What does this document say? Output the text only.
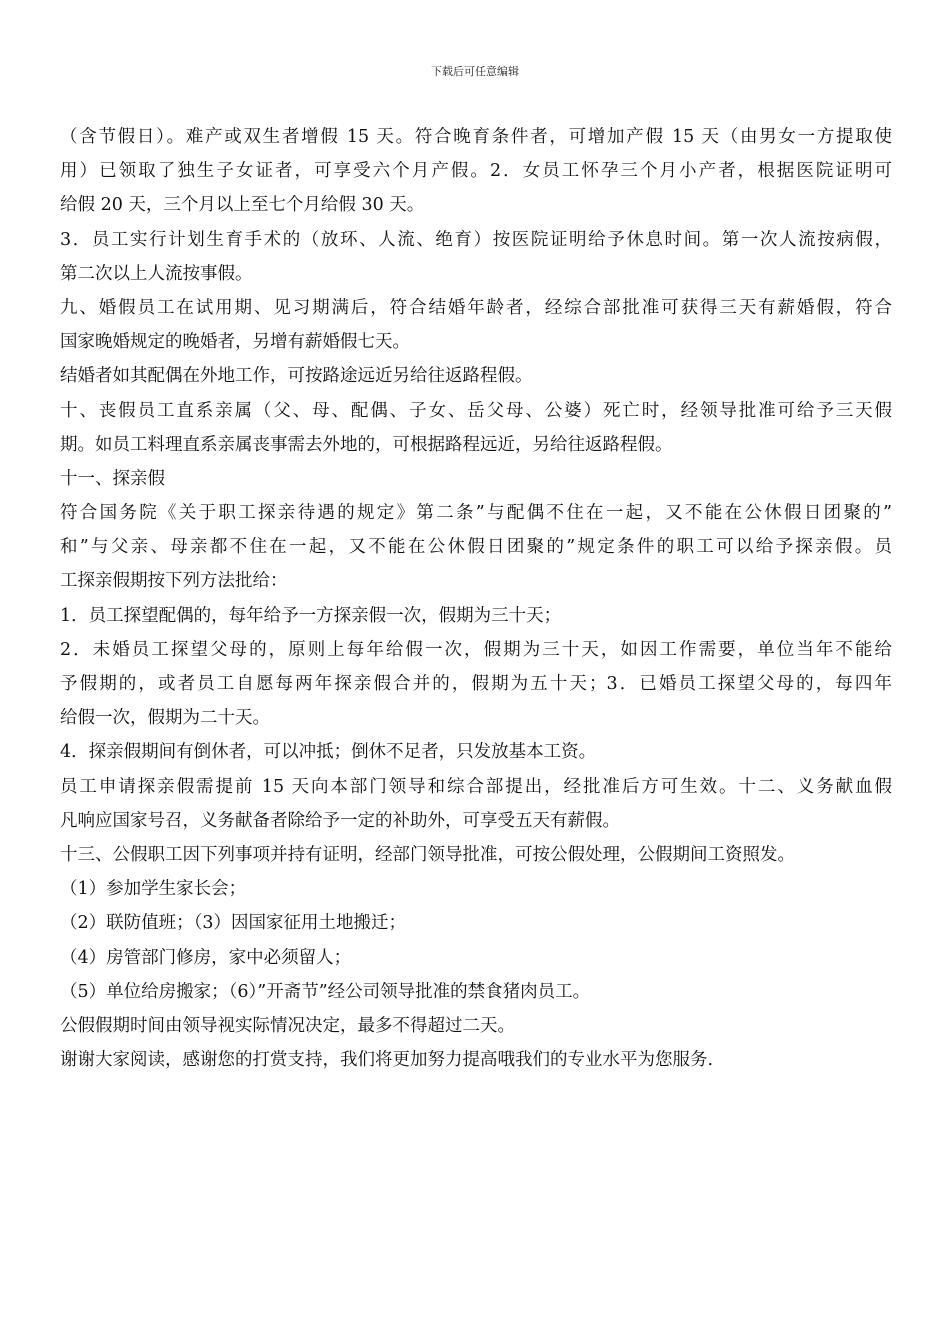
下载后可任意编辑
（含节假日）。难产或双生者增假 15 天。符合晚育条件者，可增加产假 15 天（由男女一方提取使
用）已领取了独生子女证者，可享受六个月产假。2．女员工怀孕三个月小产者，根据医院证明可
给假 20 天，三个月以上至七个月给假 30 天。
3．员工实行计划生育手术的（放环、人流、绝育）按医院证明给予休息时间。第一次人流按病假，
第二次以上人流按事假。
九、婚假员工在试用期、见习期满后，符合结婚年龄者，经综合部批准可获得三天有薪婚假，符合
国家晚婚规定的晚婚者，另增有薪婚假七天。
结婚者如其配偶在外地工作，可按路途远近另给往返路程假。
十、丧假员工直系亲属（父、母、配偶、子女、岳父母、公婆）死亡时，经领导批准可给予三天假
期。如员工料理直系亲属丧事需去外地的，可根据路程远近，另给往返路程假。
十一、探亲假
符合国务院《关于职工探亲待遇的规定》第二条”与配偶不住在一起，又不能在公休假日团聚的”
和”与父亲、母亲都不住在一起，又不能在公休假日团聚的”规定条件的职工可以给予探亲假。员
工探亲假期按下列方法批给：
1．员工探望配偶的，每年给予一方探亲假一次，假期为三十天；
2．未婚员工探望父母的，原则上每年给假一次，假期为三十天，如因工作需要，单位当年不能给
予假期的，或者员工自愿每两年探亲假合并的，假期为五十天；3．已婚员工探望父母的，每四年
给假一次，假期为二十天。
4．探亲假期间有倒休者，可以冲抵；倒休不足者，只发放基本工资。
员工申请探亲假需提前 15 天向本部门领导和综合部提出，经批准后方可生效。十二、义务献血假
凡响应国家号召，义务献备者除给予一定的补助外，可享受五天有薪假。
十三、公假职工因下列事项并持有证明，经部门领导批准，可按公假处理，公假期间工资照发。
（1）参加学生家长会；
（2）联防值班；（3）因国家征用土地搬迁；
（4）房管部门修房，家中必须留人；
（5）单位给房搬家；（6）”开斋节”经公司领导批准的禁食猪肉员工。
公假假期时间由领导视实际情况决定，最多不得超过二天。
谢谢大家阅读，感谢您的打赏支持，我们将更加努力提高哦我们的专业水平为您服务.
